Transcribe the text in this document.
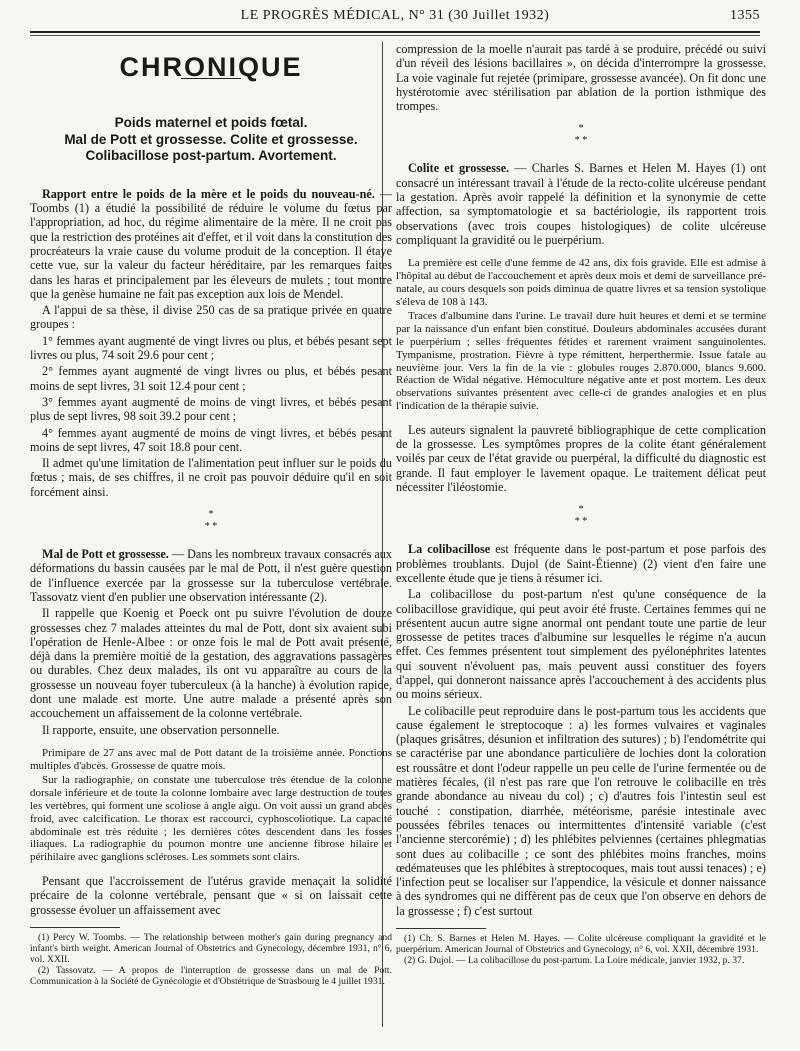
LE PROGRÈS MÉDICAL, N° 31 (30 Juillet 1932)	1355
CHRONIQUE
Poids maternel et poids fœtal.
Mal de Pott et grossesse. Colite et grossesse.
Colibacillose post-partum. Avortement.

Rapport entre le poids de la mère et le poids du nouveau-né. — Toombs (1) a étudié la possibilité de réduire le volume du fœtus par l'appropriation, ad hoc, du régime alimentaire de la mère. Il ne croit pas que la restriction des protéines ait d'effet, et il voit dans la constitution des procréateurs la vraie cause du volume produit de la conception. Il étaye cette vue, sur la valeur du facteur héréditaire, par les remarques faites dans les haras et principalement par les éleveurs de mulets ; tout montre que la genèse humaine ne fait pas exception aux lois de Mendel.

A l'appui de sa thèse, il divise 250 cas de sa pratique privée en quatre groupes :

1° femmes ayant augmenté de vingt livres ou plus, et bébés pesant sept livres ou plus, 74 soit 29.6 pour cent ;

2° femmes ayant augmenté de vingt livres ou plus, et bébés pesant moins de sept livres, 31 soit 12.4 pour cent ;

3° femmes ayant augmenté de moins de vingt livres, et bébés pesant plus de sept livres, 98 soit 39.2 pour cent ;

4° femmes ayant augmenté de moins de vingt livres, et bébés pesant moins de sept livres, 47 soit 18.8 pour cent.

Il admet qu'une limitation de l'alimentation peut influer sur le poids du fœtus ; mais, de ses chiffres, il ne croit pas pouvoir déduire qu'il en soit forcément ainsi.

*
* *

Mal de Pott et grossesse. — Dans les nombreux travaux consacrés aux déformations du bassin causées par le mal de Pott, il n'est guère question de l'influence exercée par la grossesse sur la tuberculose vertébrale. Tassovatz vient d'en publier une observation intéressante (2).

Il rappelle que Koenig et Poeck ont pu suivre l'évolution de douze grossesses chez 7 malades atteintes du mal de Pott, dont six avaient subi l'opération de Henle-Albee : or onze fois le mal de Pott avait présenté, déjà dans la première moitié de la gestation, des aggravations passagères ou durables. Chez deux malades, ils ont vu apparaître au cours de la grossesse un nouveau foyer tuberculeux (à la hanche) à évolution rapide, dont une malade est morte. Une autre malade a présenté après son accouchement un affaissement de la colonne vertébrale.

Il rapporte, ensuite, une observation personnelle.

Primipare de 27 ans avec mal de Pott datant de la troisième année. Ponctions multiples d'abcès. Grossesse de quatre mois.

Sur la radiographie, on constate une tuberculose très étendue de la colonne dorsale inférieure et de toute la colonne lombaire avec large destruction de toutes les vertèbres, qui forment une scoliose à angle aigu. On voit aussi un grand abcès froid, avec calcification. Le thorax est raccourci, cyphoscoliotique. La capacité abdominale est très réduite ; les dernières côtes descendent dans les fosses iliaques. La radiographie du poumon montre une ancienne fibrose hilaire et périhilaire avec ganglions scléroses. Les sommets sont clairs.

Pensant que l'accroissement de l'utérus gravide menaçait la solidité précaire de la colonne vertébrale, pensant que « si on laissait cette grossesse évoluer un affaissement avec

(1) Percy W. Toombs. — The relationship between mother's gain during pregnancy and infant's birth weight. American Journal of Obstetrics and Gynecology, décembre 1931, n° 6, vol. XXII.

(2) Tassovatz. — A propos de l'interruption de grossesse dans un mal de Pott. Communication à la Société de Gynécologie et d'Obstétrique de Strasbourg le 4 juillet 1931.

compression de la moelle n'aurait pas tardé à se produire, précédé ou suivi d'un réveil des lésions bacillaires », on décida d'interrompre la grossesse. La voie vaginale fut rejetée (primipare, grossesse avancée). On fit donc une hystérotomie avec stérilisation par ablation de la portion isthmique des trompes.

*
* *

Colite et grossesse. — Charles S. Barnes et Helen M. Hayes (1) ont consacré un intéressant travail à l'étude de la recto-colite ulcéreuse pendant la gestation. Après avoir rappelé la définition et la synonymie de cette affection, sa symptomatologie et sa bactériologie, ils rapportent trois observations (avec trois coupes histologiques) de colite ulcéreuse compliquant la gravidité ou le puerpérium.

La première est celle d'une femme de 42 ans, dix fois gravide. Elle est admise à l'hôpital au début de l'accouchement et après deux mois et demi de surveillance pré-natale, au cours desquels son poids diminua de quatre livres et sa tension systolique s'éleva de 108 à 143.

Traces d'albumine dans l'urine. Le travail dure huit heures et demi et se termine par la naissance d'un enfant bien constitué. Douleurs abdominales accusées durant le puerpérium ; selles fréquentes fétides et rarement vraiment sanguinolentes. Tympanisme, prostration. Fièvre à type rémittent, herperthermie. Issue fatale au neuvième jour. Vers la fin de la vie : globules rouges 2.870.000, blancs 9.600. Réaction de Widal négative. Hémoculture négative ante et post mortem. Les deux observations suivantes présentent avec celle-ci de grandes analogies et en plus l'indication de la thérapie suivie.

Les auteurs signalent la pauvreté bibliographique de cette complication de la grossesse. Les symptômes propres de la colite étant généralement voilés par ceux de l'état gravide ou puerpéral, la difficulté du diagnostic est grande. Il faut employer le lavement opaque. Le traitement délicat peut nécessiter l'iléostomie.

*
* *

La colibacillose est fréquente dans le post-partum et pose parfois des problèmes troublants. Dujol (de Saint-Étienne) (2) vient d'en faire une excellente étude que je tiens à résumer ici.

La colibacillose du post-partum n'est qu'une conséquence de la colibacillose gravidique, qui peut avoir été fruste. Certaines femmes qui ne présentent aucun autre signe anormal ont pendant toute une partie de leur grossesse de petites traces d'albumine sur lesquelles le régime n'a aucun effet. Ces femmes présentent tout simplement des pyélonéphrites latentes qui souvent n'évoluent pas, mais peuvent aussi constituer des foyers d'appel, qui donneront naissance après l'accouchement à des accidents plus ou moins sérieux.

Le colibacille peut reproduire dans le post-partum tous les accidents que cause également le streptocoque : a) les formes vulvaires et vaginales (plaques grisâtres, désunion et infiltration des sutures) ; b) l'endométrite qui se caractérise par une abondance particulière de lochies dont la coloration est roussâtre et dont l'odeur rappelle un peu celle de l'urine fermentée ou de matières fécales, (il n'est pas rare que l'on retrouve le colibacille en très grande abondance au niveau du col) ; c) d'autres fois l'intestin seul est touché : constipation, diarrhée, météorisme, parésie intestinale avec poussées fébriles tenaces ou intermittentes d'intensité variable (c'est l'ancienne stercorémie) ; d) les phlébites pelviennes (certaines phlegmatias sont dues au colibacille ; ce sont des phlébites moins franches, moins œdémateuses que les phlébites à streptocoques, mais tout aussi tenaces) ; e) l'infection peut se localiser sur l'appendice, la vésicule et donner naissance à des syndromes qui ne diffèrent pas de ceux que l'on observe en dehors de la grossesse ; f) c'est surtout

(1) Ch. S. Barnes et Helen M. Hayes. — Colite ulcéreuse compliquant la gravidité et le puerpérium. American Journal of Obstetrics and Gynecology, n° 6, vol. XXII, décembre 1931.

(2) G. Dujol. — La colibacillose du post-partum. La Loire médicale, janvier 1932, p. 37.
